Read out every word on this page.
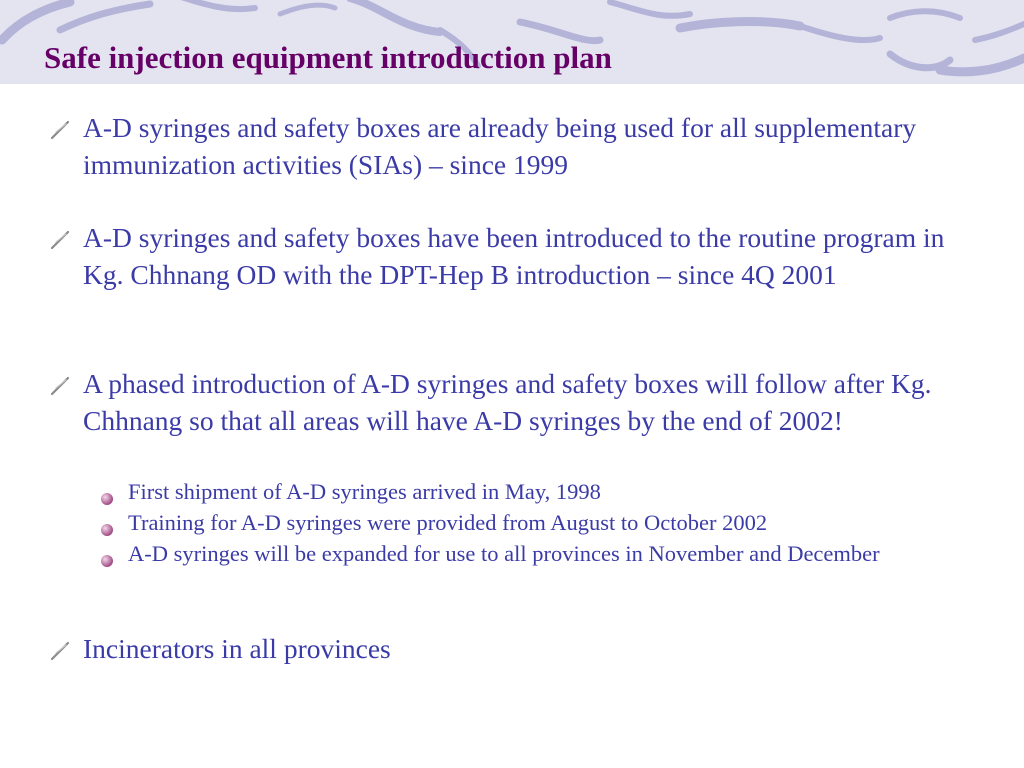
Safe injection equipment introduction plan
A-D syringes and safety boxes are already being used for all supplementary immunization activities (SIAs) – since 1999
A-D syringes and safety boxes have been introduced to the routine program in Kg. Chhnang OD with the DPT-Hep B introduction – since 4Q 2001
A phased introduction of A-D syringes and safety boxes will follow after Kg. Chhnang so that all areas will have A-D syringes by the end of 2002!
First shipment of A-D syringes arrived in May, 1998
Training for A-D syringes were provided from August to October 2002
A-D syringes will be expanded for use to all provinces in November and December
Incinerators in all provinces
